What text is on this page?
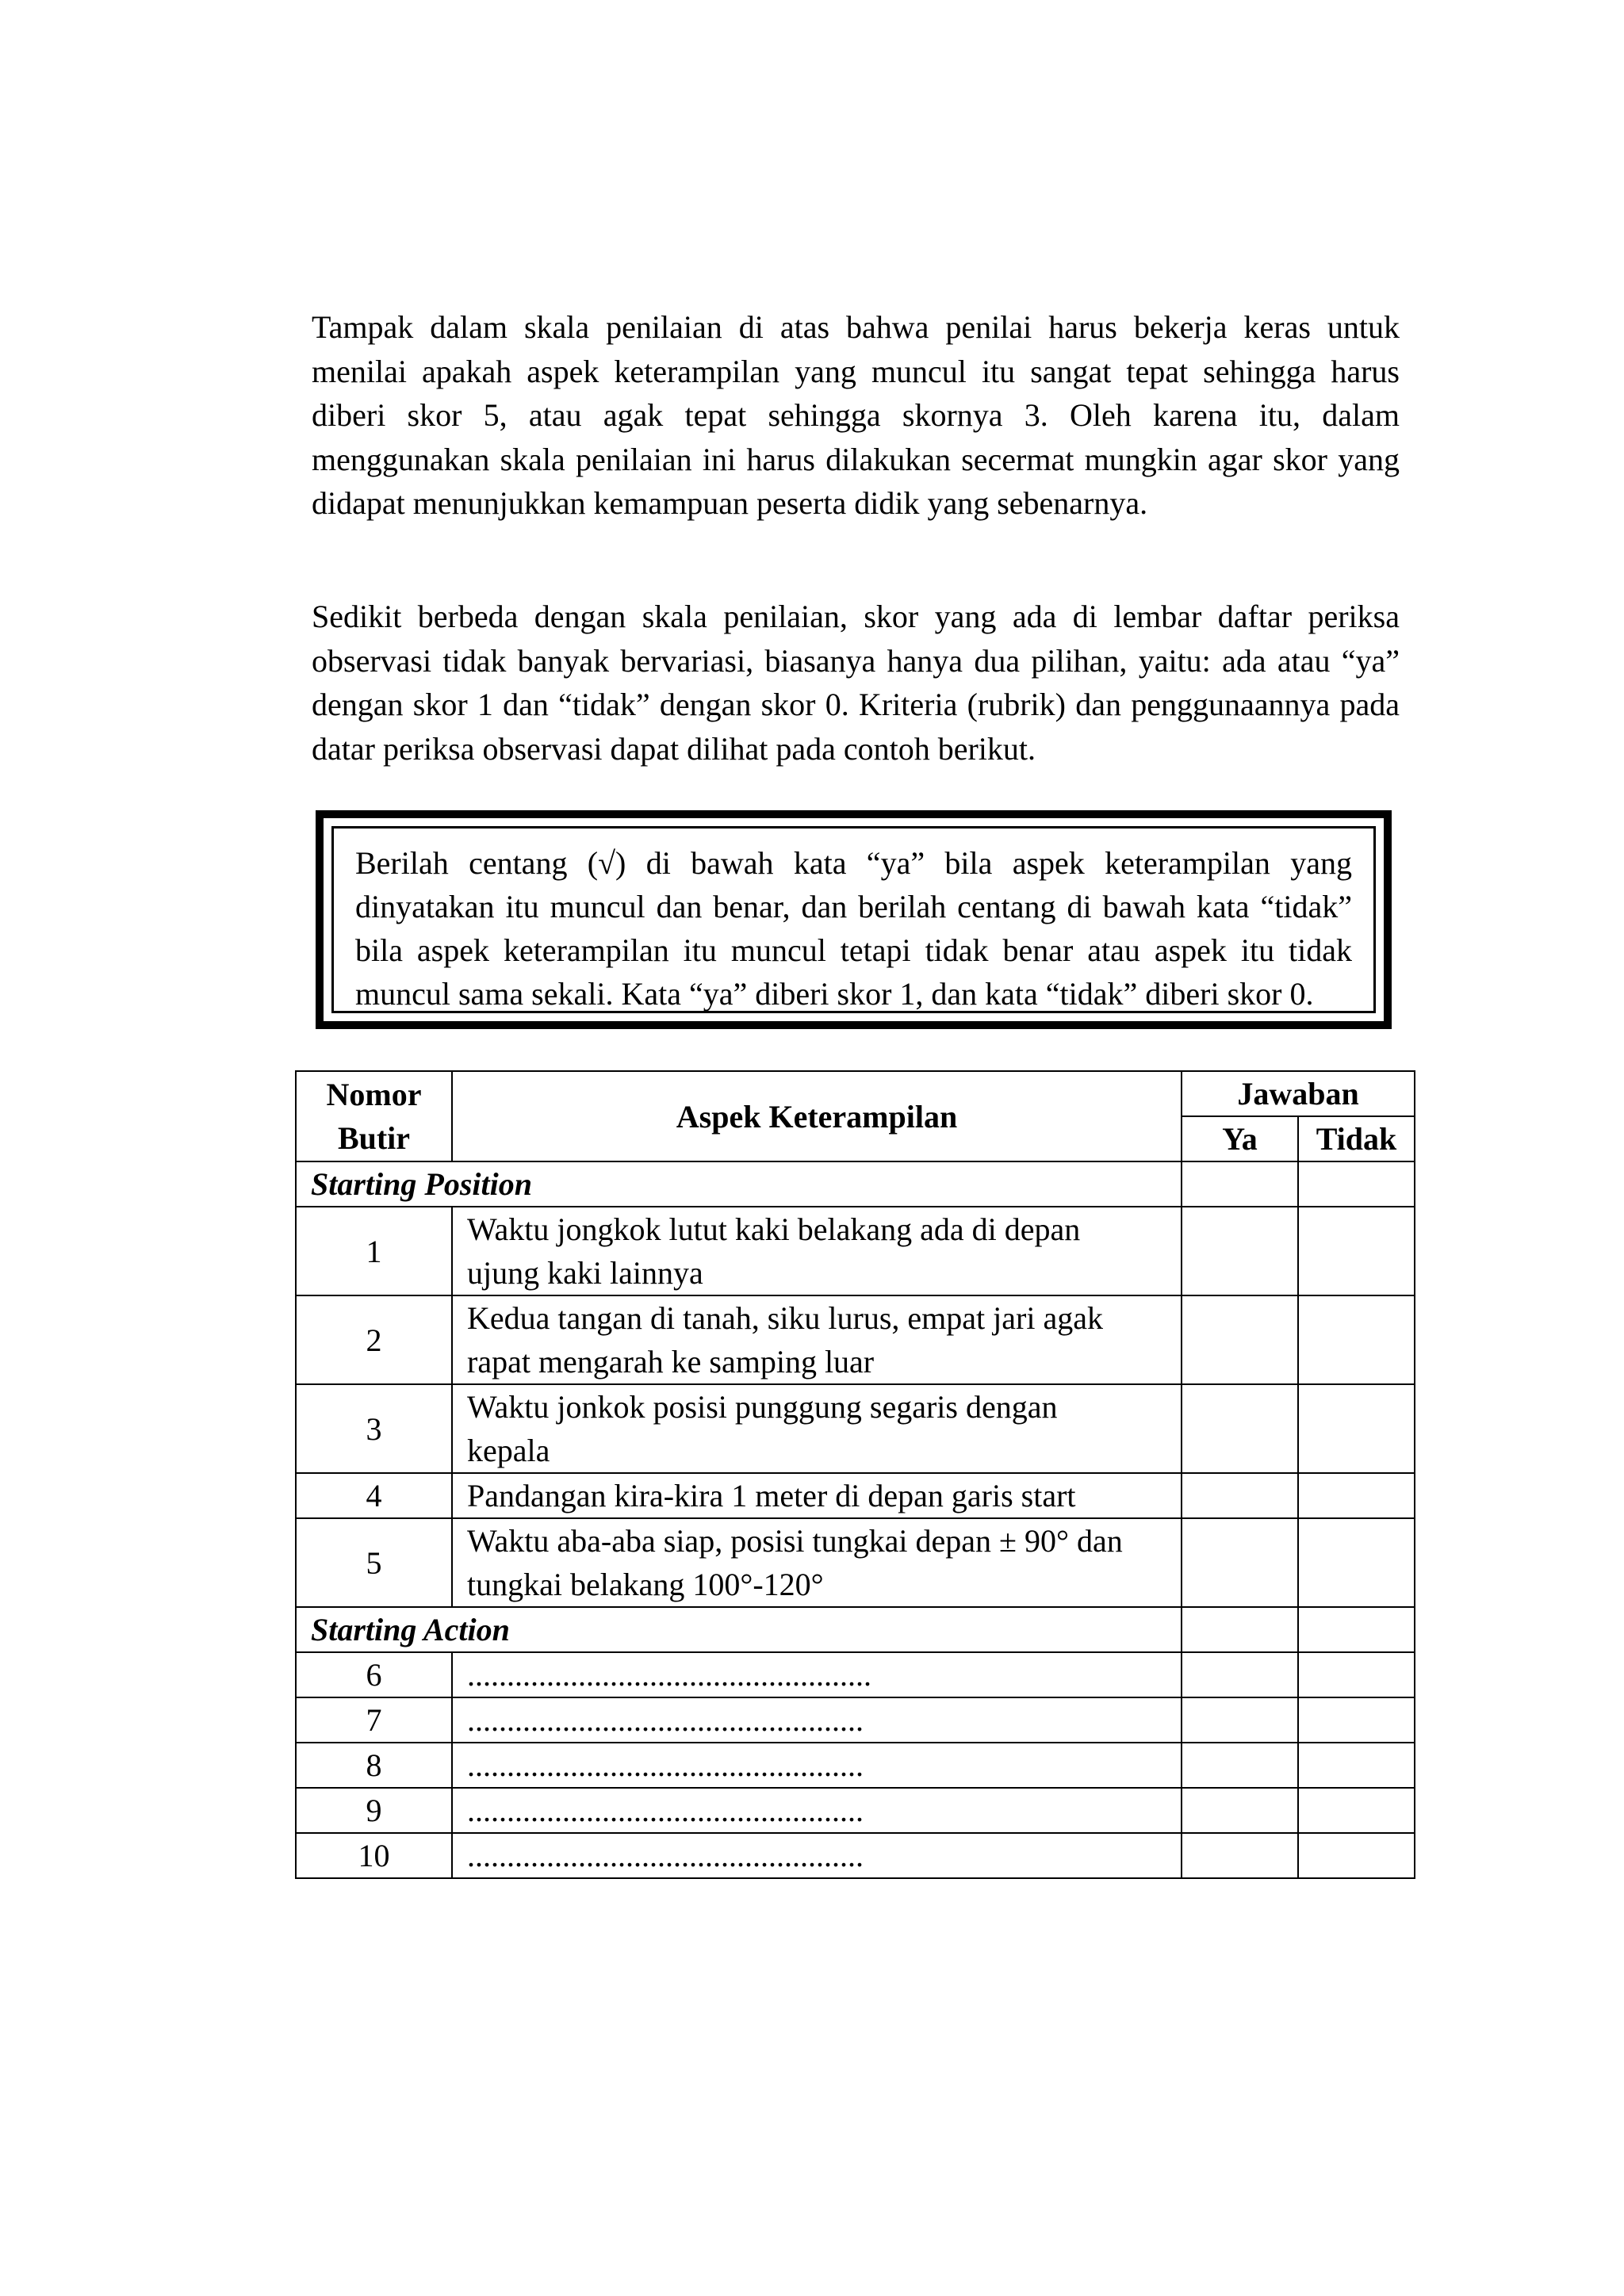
Tampak dalam skala penilaian di atas bahwa penilai harus bekerja keras untuk menilai apakah aspek keterampilan yang muncul itu sangat tepat sehingga harus diberi skor 5, atau agak tepat sehingga skornya 3. Oleh karena itu, dalam menggunakan skala penilaian ini harus dilakukan secermat mungkin agar skor yang didapat menunjukkan kemampuan peserta didik yang sebenarnya.

Sedikit berbeda dengan skala penilaian, skor yang ada di lembar daftar periksa observasi tidak banyak bervariasi, biasanya hanya dua pilihan, yaitu: ada atau “ya” dengan skor 1 dan “tidak” dengan skor 0. Kriteria (rubrik) dan penggunaannya pada datar periksa observasi dapat dilihat pada contoh berikut.

Berilah centang (√) di bawah kata “ya” bila aspek keterampilan yang dinyatakan itu muncul dan benar, dan berilah centang di bawah kata “tidak” bila aspek keterampilan itu muncul tetapi tidak benar atau aspek itu tidak muncul sama sekali. Kata “ya” diberi skor 1, dan kata “tidak” diberi skor 0.

Nomor
Butir	Aspek Keterampilan	Jawaban	
		Ya	Tidak
Starting Position			
1	Waktu jongkok lutut kaki belakang ada di depan
ujung kaki lainnya		
2	Kedua tangan di tanah, siku lurus, empat jari agak
rapat mengarah ke samping luar		
3	Waktu jonkok posisi punggung segaris dengan
kepala		
4	Pandangan kira-kira 1 meter di depan garis start		
5	Waktu aba-aba siap, posisi tungkai depan ± 90° dan
tungkai belakang 100°-120°		
Starting Action			
6	...................................................		
7	..................................................		
8	..................................................		
9	..................................................		
10	..................................................		
